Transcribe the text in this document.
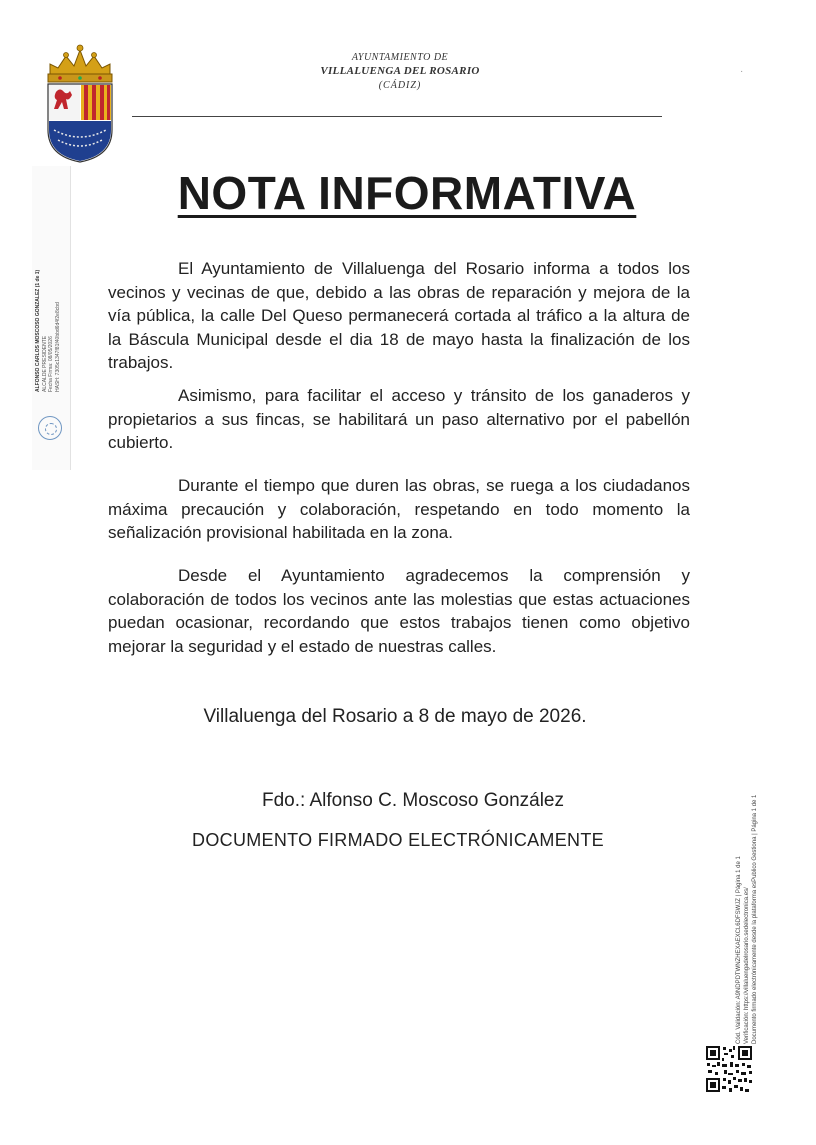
AYUNTAMIENTO DE
VILLALUENGA DEL ROSARIO
(CÁDIZ)
·
ALFONSO CARLOS MOSCOSO GONZALEZ (1 de 1) ALCALDE PRESIDENTE Fecha Firma: 08/05/2026 HASH: 7305c1347f81f40bbd6d4f2e8cbd
NOTA INFORMATIVA

El Ayuntamiento de Villaluenga del Rosario informa a todos los vecinos y vecinas de que, debido a las obras de reparación y mejora de la vía pública, la calle Del Queso permanecerá cortada al tráfico a la altura de la Báscula Municipal desde el dia 18 de mayo hasta la finalización de los trabajos.

Asimismo, para facilitar el acceso y tránsito de los ganaderos y propietarios a sus fincas, se habilitará un paso alternativo por el pabellón cubierto.

Durante el tiempo que duren las obras, se ruega a los ciudadanos máxima precaución y colaboración, respetando en todo momento la señalización provisional habilitada en la zona.

Desde el Ayuntamiento agradecemos la comprensión y colaboración de todos los vecinos ante las molestias que estas actuaciones puedan ocasionar, recordando que estos trabajos tienen como objetivo mejorar la seguridad y el estado de nuestras calles.

Villaluenga del Rosario a 8 de mayo de 2026.
Fdo.: Alfonso C. Moscoso González
DOCUMENTO FIRMADO ELECTRÓNICAMENTE
Cód. Validación: A9NDPDTWNZHEXAEXCL6DFSWJZ | Página 1 de 1 Verificación: https://villaluengadelrosario.sedelectronica.es/ Documento firmado electrónicamente desde la plataforma esPublico Gestiona | Página 1 de 1
